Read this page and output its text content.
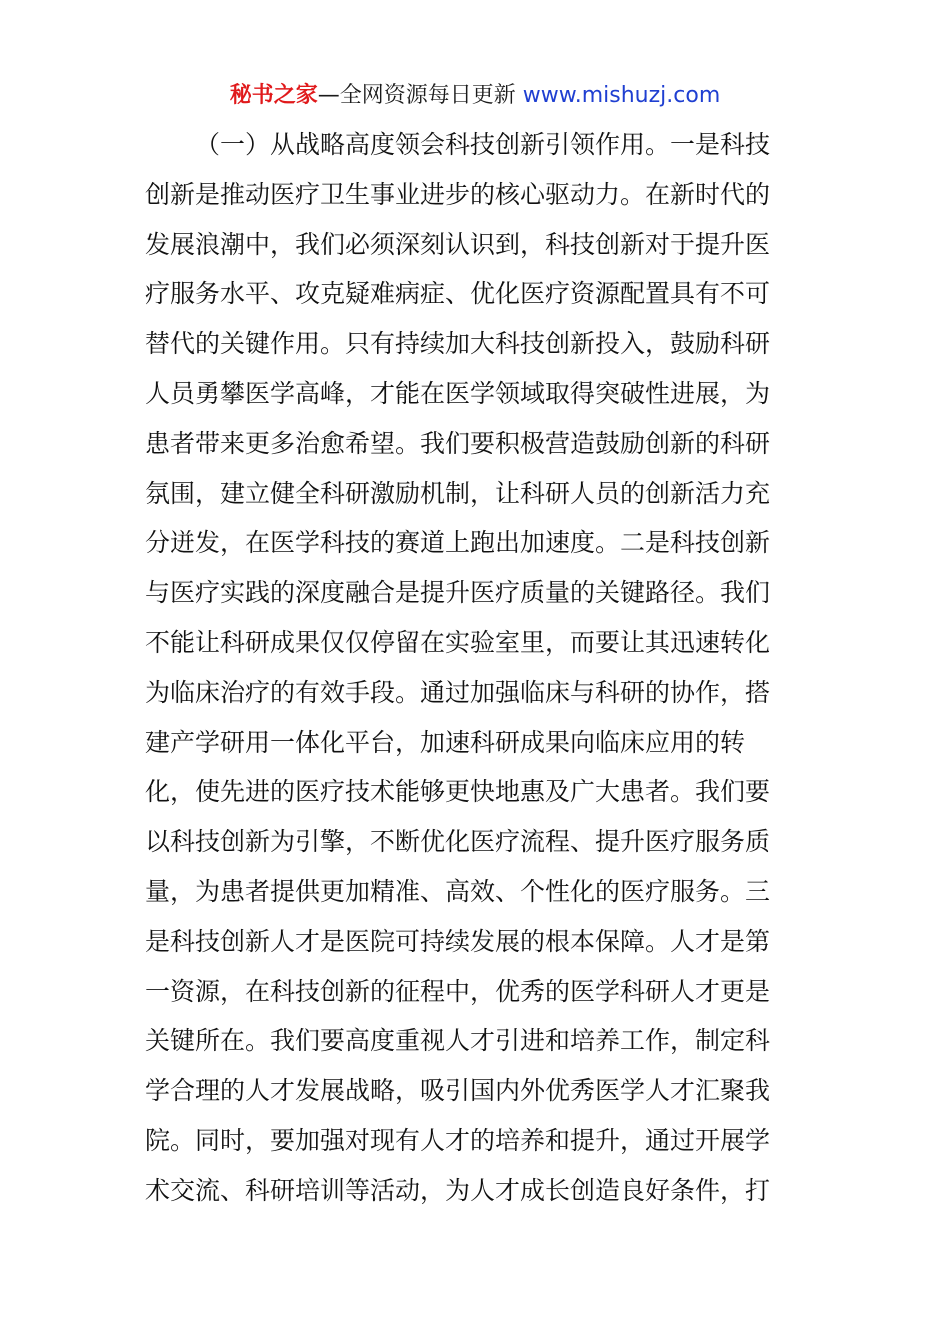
秘书之家—全网资源每日更新 www.mishuzj.com
（一）从战略高度领会科技创新引领作用。一是科技
创新是推动医疗卫生事业进步的核心驱动力。在新时代的
发展浪潮中，我们必须深刻认识到，科技创新对于提升医
疗服务水平、攻克疑难病症、优化医疗资源配置具有不可
替代的关键作用。只有持续加大科技创新投入，鼓励科研
人员勇攀医学高峰，才能在医学领域取得突破性进展，为
患者带来更多治愈希望。我们要积极营造鼓励创新的科研
氛围，建立健全科研激励机制，让科研人员的创新活力充
分迸发，在医学科技的赛道上跑出加速度。二是科技创新
与医疗实践的深度融合是提升医疗质量的关键路径。我们
不能让科研成果仅仅停留在实验室里，而要让其迅速转化
为临床治疗的有效手段。通过加强临床与科研的协作，搭
建产学研用一体化平台，加速科研成果向临床应用的转
化，使先进的医疗技术能够更快地惠及广大患者。我们要
以科技创新为引擎，不断优化医疗流程、提升医疗服务质
量，为患者提供更加精准、高效、个性化的医疗服务。三
是科技创新人才是医院可持续发展的根本保障。人才是第
一资源，在科技创新的征程中，优秀的医学科研人才更是
关键所在。我们要高度重视人才引进和培养工作，制定科
学合理的人才发展战略，吸引国内外优秀医学人才汇聚我
院。同时，要加强对现有人才的培养和提升，通过开展学
术交流、科研培训等活动，为人才成长创造良好条件，打
